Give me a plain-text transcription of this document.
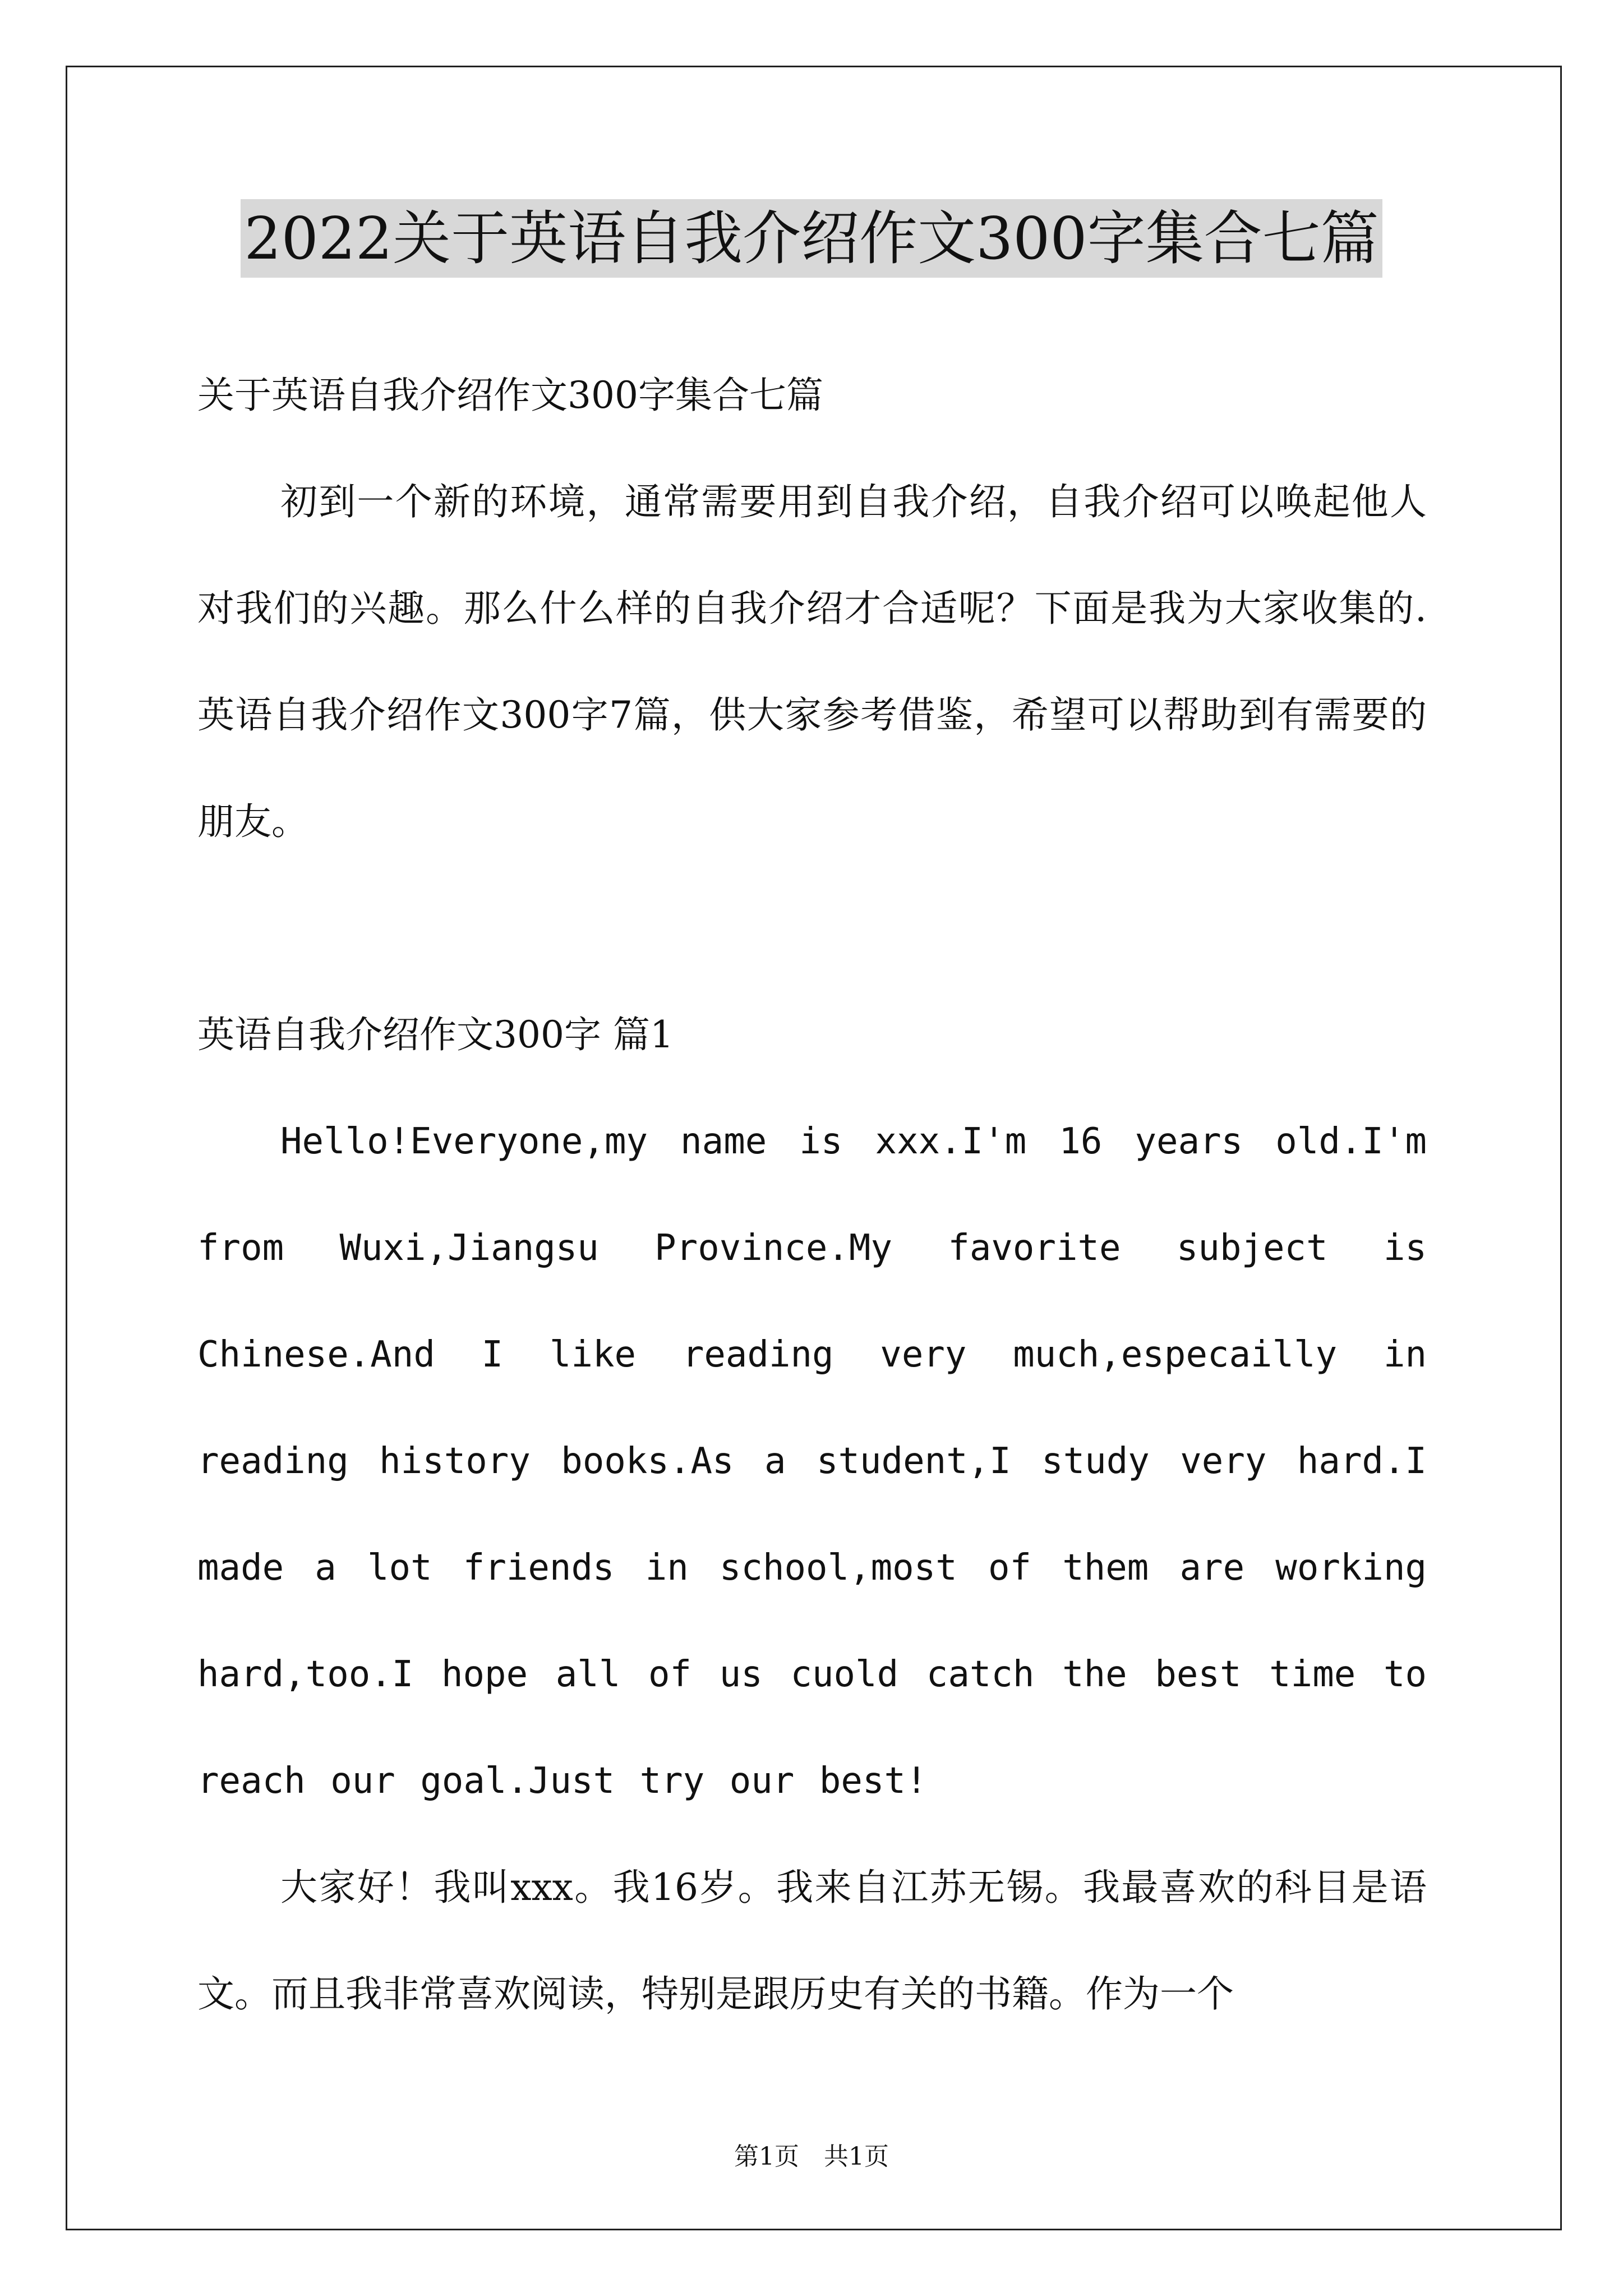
2022关于英语自我介绍作文300字集合七篇

关于英语自我介绍作文300字集合七篇

初到一个新的环境，通常需要用到自我介绍，自我介绍可以唤起他人对我们的兴趣。那么什么样的自我介绍才合适呢？下面是我为大家收集的.英语自我介绍作文300字7篇，供大家参考借鉴，希望可以帮助到有需要的朋友。

英语自我介绍作文300字 篇1

Hello!Everyone,my name is xxx.I'm 16 years old.I'm from Wuxi,Jiangsu Province.My favorite subject is Chinese.And I like reading very much,especailly in reading history books.As a student,I study very hard.I made a lot friends in school,most of them are working hard,too.I hope all of us cuold catch the best time to reach our goal.Just try our best!

大家好！我叫xxx。我16岁。我来自江苏无锡。我最喜欢的科目是语文。而且我非常喜欢阅读，特别是跟历史有关的书籍。作为一个

第1页 共1页
